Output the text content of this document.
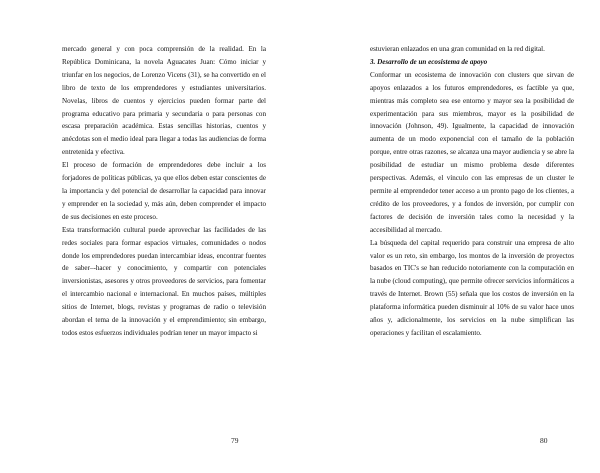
mercado general y con poca comprensión de la realidad. En la República Dominicana, la novela Aguacates Juan: Cómo iniciar y triunfar en los negocios, de Lorenzo Vicens (31), se ha convertido en el libro de texto de los emprendedores y estudiantes universitarios. Novelas, libros de cuentos y ejercicios pueden formar parte del programa educativo para primaria y secundaria o para personas con escasa preparación académica. Estas sencillas historias, cuentos y anécdotas son el medio ideal para llegar a todas las audiencias de forma entretenida y efectiva.

El proceso de formación de emprendedores debe incluir a los forjadores de políticas públicas, ya que ellos deben estar conscientes de la importancia y del potencial de desarrollar la capacidad para innovar y emprender en la sociedad y, más aún, deben comprender el impacto de sus decisiones en este proceso.

Esta transformación cultural puede aprovechar las facilidades de las redes sociales para formar espacios virtuales, comunidades o nodos donde los emprendedores puedan intercambiar ideas, encontrar fuentes de saber–-hacer y conocimiento, y compartir con potenciales inversionistas, asesores y otros proveedores de servicios, para fomentar el intercambio nacional e internacional. En muchos países, múltiples sitios de Internet, blogs, revistas y programas de radio o televisión abordan el tema de la innovación y el emprendimiento; sin embargo, todos estos esfuerzos individuales podrían tener un mayor impacto si

79

estuvieran enlazados en una gran comunidad en la red digital.

3. Desarrollo de un ecosistema de apoyo

Conformar un ecosistema de innovación con clusters que sirvan de apoyos enlazados a los futuros emprendedores, es factible ya que, mientras más completo sea ese entorno y mayor sea la posibilidad de experimentación para sus miembros, mayor es la posibilidad de innovación (Johnson, 49). Igualmente, la capacidad de innovación aumenta de un modo exponencial con el tamaño de la población porque, entre otras razones, se alcanza una mayor audiencia y se abre la posibilidad de estudiar un mismo problema desde diferentes perspectivas. Además, el vínculo con las empresas de un cluster le permite al emprendedor tener acceso a un pronto pago de los clientes, a crédito de los proveedores, y a fondos de inversión, por cumplir con factores de decisión de inversión tales como la necesidad y la accesibilidad al mercado.

La búsqueda del capital requerido para construir una empresa de alto valor es un reto, sin embargo, los montos de la inversión de proyectos basados en TIC's se han reducido notoriamente con la computación en la nube (cloud computing), que permite ofrecer servicios informáticos a través de Internet. Brown (55) señala que los costos de inversión en la plataforma informática pueden disminuir al 10% de su valor hace unos años y, adicionalmente, los servicios en la nube simplifican las operaciones y facilitan el escalamiento.

80
